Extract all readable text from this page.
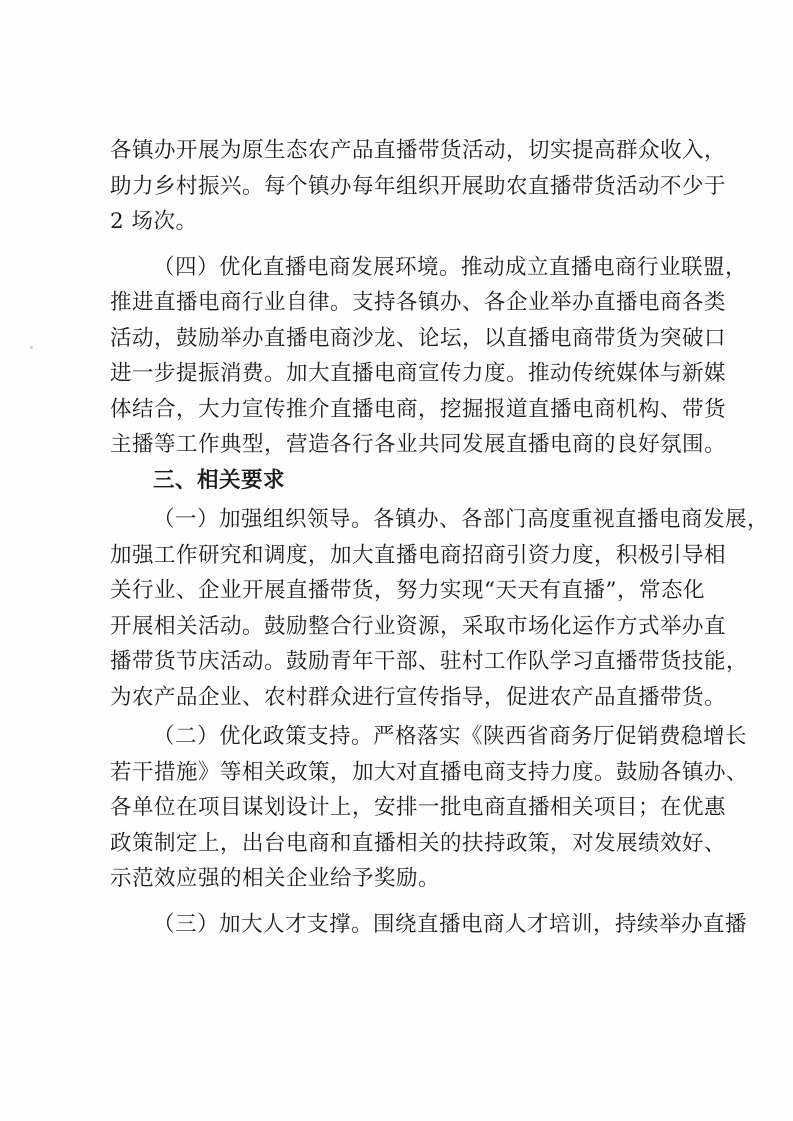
各镇办开展为原生态农产品直播带货活动，切实提高群众收入，
助力乡村振兴。每个镇办每年组织开展助农直播带货活动不少于
2 场次。
（四）优化直播电商发展环境。推动成立直播电商行业联盟，
推进直播电商行业自律。支持各镇办、各企业举办直播电商各类
活动，鼓励举办直播电商沙龙、论坛，以直播电商带货为突破口
进一步提振消费。加大直播电商宣传力度。推动传统媒体与新媒
体结合，大力宣传推介直播电商，挖掘报道直播电商机构、带货
主播等工作典型，营造各行各业共同发展直播电商的良好氛围。
三、相关要求
（一）加强组织领导。各镇办、各部门高度重视直播电商发展，
加强工作研究和调度，加大直播电商招商引资力度，积极引导相
关行业、企业开展直播带货，努力实现“天天有直播”，常态化
开展相关活动。鼓励整合行业资源，采取市场化运作方式举办直
播带货节庆活动。鼓励青年干部、驻村工作队学习直播带货技能，
为农产品企业、农村群众进行宣传指导，促进农产品直播带货。
（二）优化政策支持。严格落实《陕西省商务厅促销费稳增长
若干措施》等相关政策，加大对直播电商支持力度。鼓励各镇办、
各单位在项目谋划设计上，安排一批电商直播相关项目；在优惠
政策制定上，出台电商和直播相关的扶持政策，对发展绩效好、
示范效应强的相关企业给予奖励。
（三）加大人才支撑。围绕直播电商人才培训，持续举办直播
